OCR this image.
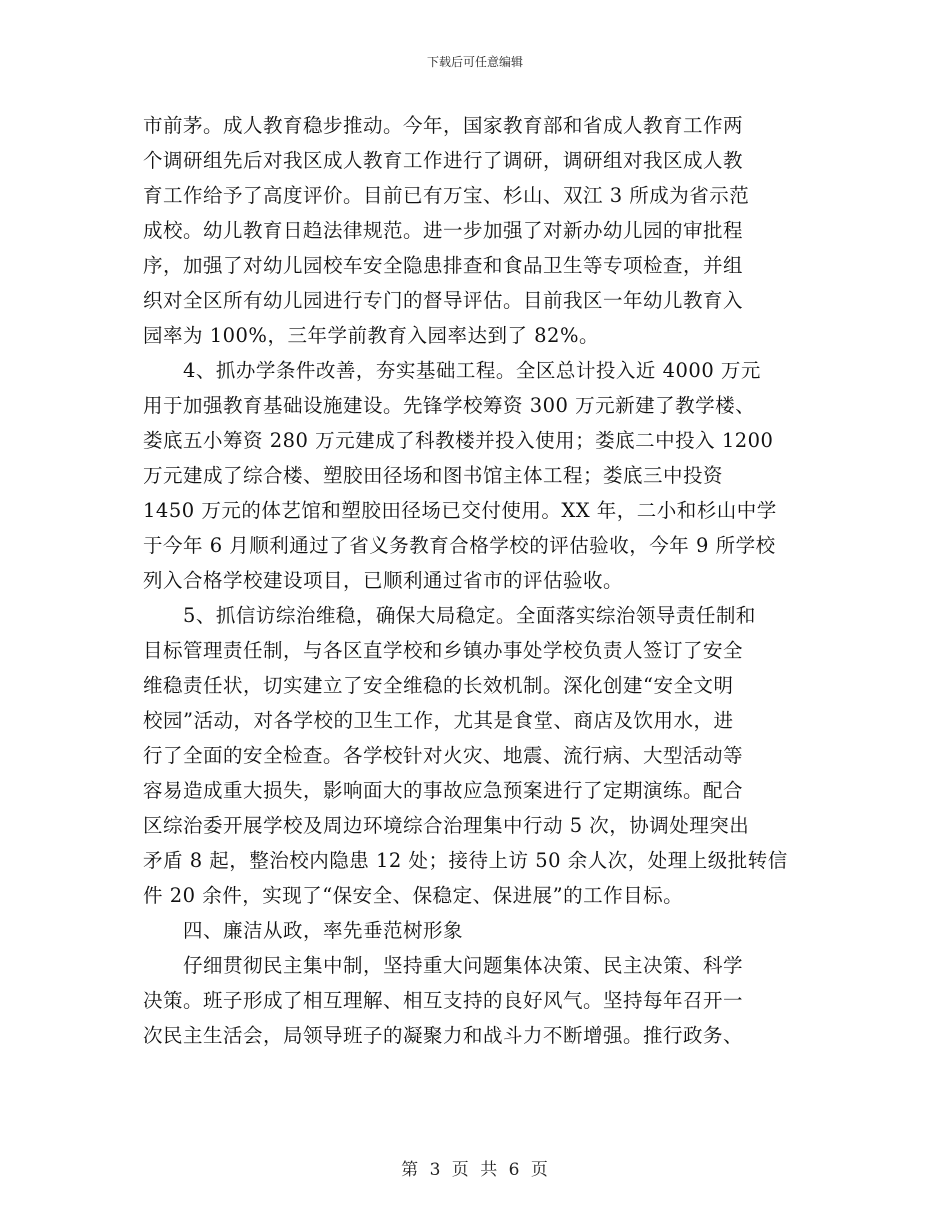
下载后可任意编辑
市前茅。成人教育稳步推动。今年，国家教育部和省成人教育工作两
个调研组先后对我区成人教育工作进行了调研，调研组对我区成人教
育工作给予了高度评价。目前已有万宝、杉山、双江 3 所成为省示范
成校。幼儿教育日趋法律规范。进一步加强了对新办幼儿园的审批程
序，加强了对幼儿园校车安全隐患排查和食品卫生等专项检查，并组
织对全区所有幼儿园进行专门的督导评估。目前我区一年幼儿教育入
园率为 100%，三年学前教育入园率达到了 82%。
4、抓办学条件改善，夯实基础工程。全区总计投入近 4000 万元
用于加强教育基础设施建设。先锋学校筹资 300 万元新建了教学楼、
娄底五小筹资 280 万元建成了科教楼并投入使用；娄底二中投入 1200
万元建成了综合楼、塑胶田径场和图书馆主体工程；娄底三中投资
1450 万元的体艺馆和塑胶田径场已交付使用。XX 年，二小和杉山中学
于今年 6 月顺利通过了省义务教育合格学校的评估验收，今年 9 所学校
列入合格学校建设项目，已顺利通过省市的评估验收。
5、抓信访综治维稳，确保大局稳定。全面落实综治领导责任制和
目标管理责任制，与各区直学校和乡镇办事处学校负责人签订了安全
维稳责任状，切实建立了安全维稳的长效机制。深化创建“安全文明
校园”活动，对各学校的卫生工作，尤其是食堂、商店及饮用水，进
行了全面的安全检查。各学校针对火灾、地震、流行病、大型活动等
容易造成重大损失，影响面大的事故应急预案进行了定期演练。配合
区综治委开展学校及周边环境综合治理集中行动 5 次，协调处理突出
矛盾 8 起，整治校内隐患 12 处；接待上访 50 余人次，处理上级批转信
件 20 余件，实现了“保安全、保稳定、保进展”的工作目标。
四、廉洁从政，率先垂范树形象
仔细贯彻民主集中制，坚持重大问题集体决策、民主决策、科学
决策。班子形成了相互理解、相互支持的良好风气。坚持每年召开一
次民主生活会，局领导班子的凝聚力和战斗力不断增强。推行政务、
第 3 页 共 6 页
